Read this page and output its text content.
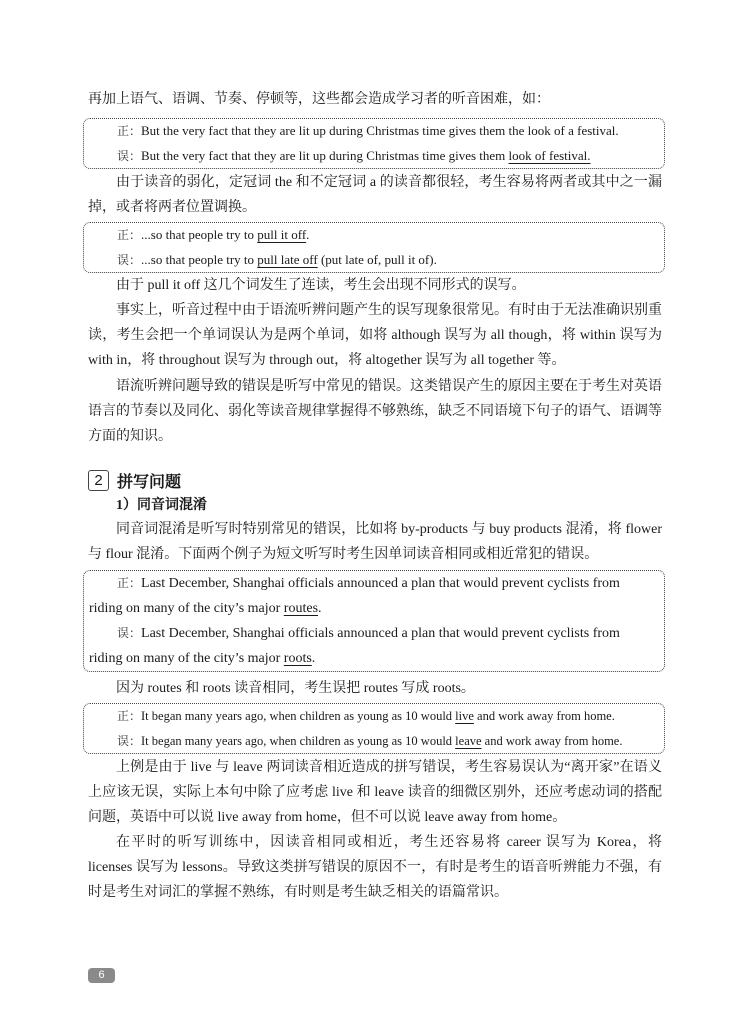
再加上语气、语调、节奏、停顿等，这些都会造成学习者的听音困难，如：
正：But the very fact that they are lit up during Christmas time gives them the look of a festival.
误：But the very fact that they are lit up during Christmas time gives them look of festival.
由于读音的弱化，定冠词 the 和不定冠词 a 的读音都很轻，考生容易将两者或其中之一漏掉，或者将两者位置调换。
正：...so that people try to pull it off.
误：...so that people try to pull late off (put late of, pull it of).
由于 pull it off 这几个词发生了连读，考生会出现不同形式的误写。
事实上，听音过程中由于语流听辨问题产生的误写现象很常见。有时由于无法准确识别重读，考生会把一个单词误认为是两个单词，如将 although 误写为 all though，将 within 误写为 with in，将 throughout 误写为 through out，将 altogether 误写为 all together 等。
语流听辨问题导致的错误是听写中常见的错误。这类错误产生的原因主要在于考生对英语语言的节奏以及同化、弱化等读音规律掌握得不够熟练，缺乏不同语境下句子的语气、语调等方面的知识。
2 拼写问题
1）同音词混淆
同音词混淆是听写时特别常见的错误，比如将 by-products 与 buy products 混淆，将 flower 与 flour 混淆。下面两个例子为短文听写时考生因单词读音相同或相近常犯的错误。
正：Last December, Shanghai officials announced a plan that would prevent cyclists from
riding on many of the city’s major routes.
误：Last December, Shanghai officials announced a plan that would prevent cyclists from
riding on many of the city’s major roots.
因为 routes 和 roots 读音相同，考生误把 routes 写成 roots。
正：It began many years ago, when children as young as 10 would live and work away from home.
误：It began many years ago, when children as young as 10 would leave and work away from home.
上例是由于 live 与 leave 两词读音相近造成的拼写错误，考生容易误认为“离开家”在语义上应该无误，实际上本句中除了应考虑 live 和 leave 读音的细微区别外，还应考虑动词的搭配问题，英语中可以说 live away from home，但不可以说 leave away from home。
在平时的听写训练中，因读音相同或相近，考生还容易将 career 误写为 Korea，将 licenses 误写为 lessons。导致这类拼写错误的原因不一，有时是考生的语音听辨能力不强，有时是考生对词汇的掌握不熟练，有时则是考生缺乏相关的语篇常识。
6
